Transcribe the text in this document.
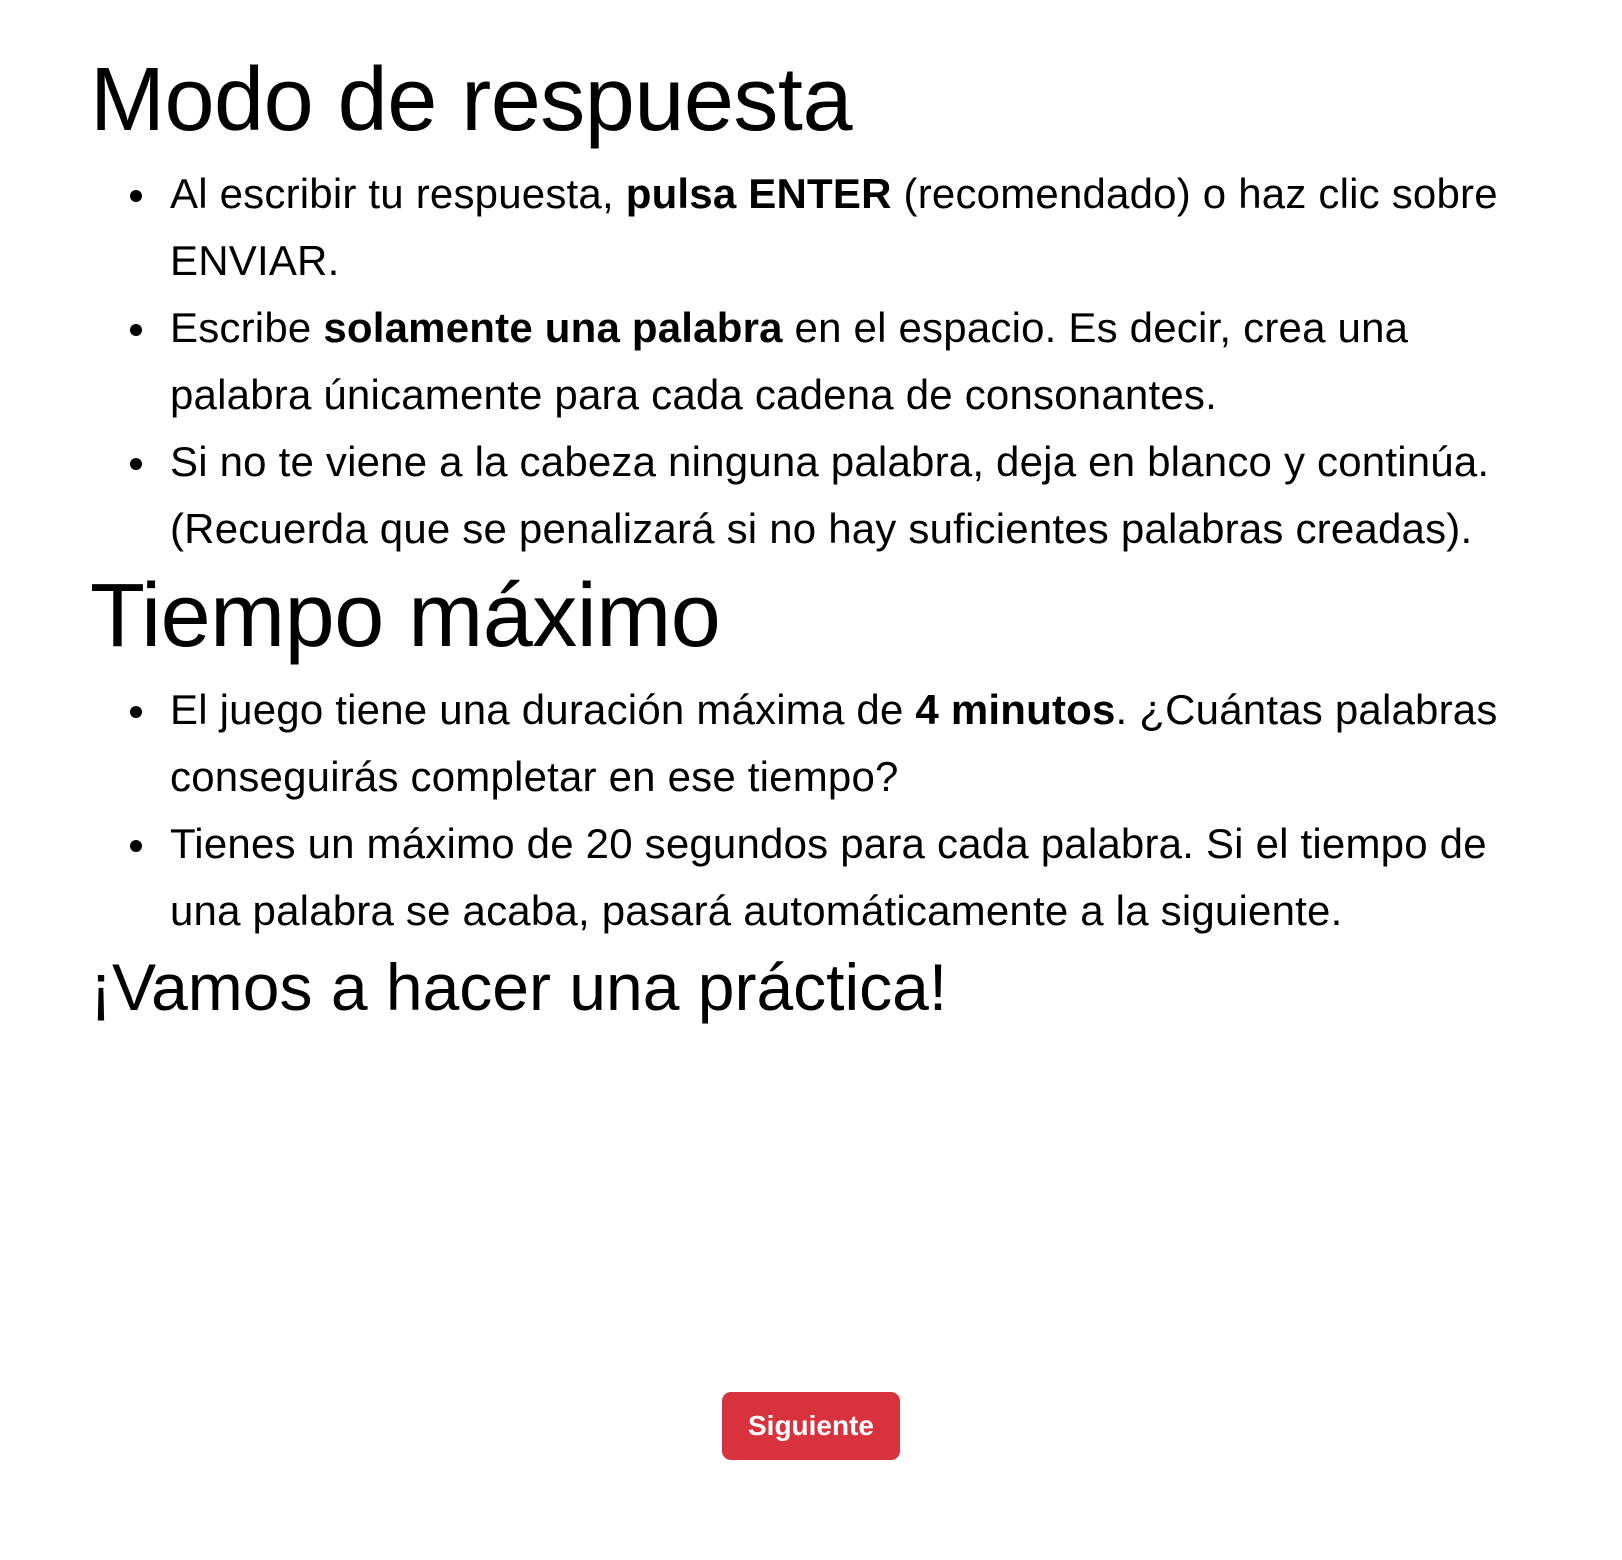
Modo de respuesta
Al escribir tu respuesta, pulsa ENTER (recomendado) o haz clic sobre ENVIAR.
Escribe solamente una palabra en el espacio. Es decir, crea una palabra únicamente para cada cadena de consonantes.
Si no te viene a la cabeza ninguna palabra, deja en blanco y continúa. (Recuerda que se penalizará si no hay suficientes palabras creadas).
Tiempo máximo
El juego tiene una duración máxima de 4 minutos. ¿Cuántas palabras conseguirás completar en ese tiempo?
Tienes un máximo de 20 segundos para cada palabra. Si el tiempo de una palabra se acaba, pasará automáticamente a la siguiente.
¡Vamos a hacer una práctica!
Siguiente
